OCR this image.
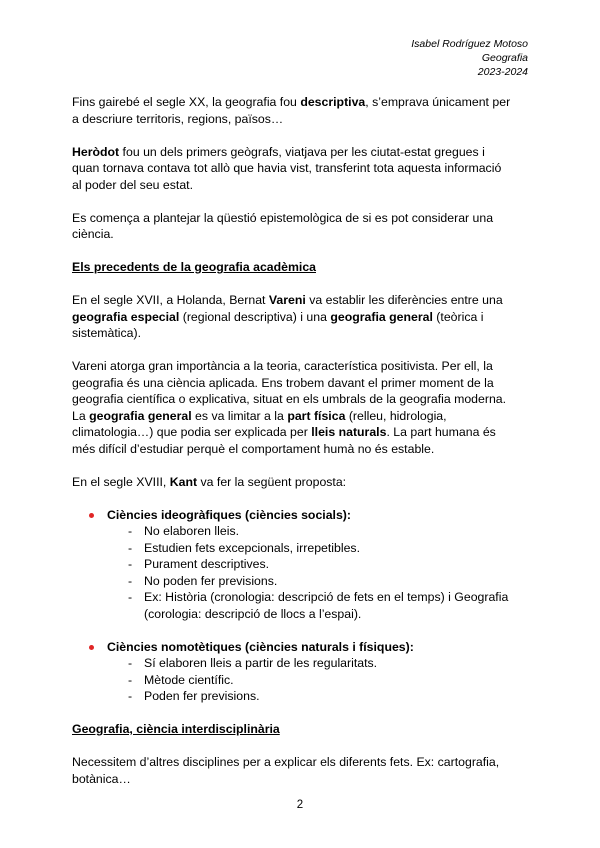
Isabel Rodríguez Motoso
Geografia
2023-2024

Fins gairebé el segle XX, la geografia fou descriptiva, s’emprava únicament per a descriure territoris, regions, països…

Heròdot fou un dels primers geògrafs, viatjava per les ciutat-estat gregues i quan tornava contava tot allò que havia vist, transferint tota aquesta informació al poder del seu estat.

Es comença a plantejar la qüestió epistemològica de si es pot considerar una ciència.

Els precedents de la geografia acadèmica

En el segle XVII, a Holanda, Bernat Vareni va establir les diferències entre una geografia especial (regional descriptiva) i una geografia general (teòrica i sistemàtica).

Vareni atorga gran importància a la teoria, característica positivista. Per ell, la geografia és una ciència aplicada. Ens trobem davant el primer moment de la geografia científica o explicativa, situat en els umbrals de la geografia moderna. La geografia general es va limitar a la part física (relleu, hidrologia, climatologia…) que podia ser explicada per lleis naturals. La part humana és més difícil d’estudiar perquè el comportament humà no és estable.

En el segle XVIII, Kant va fer la següent proposta:

Ciències ideogràfiques (ciències socials):
- No elaboren lleis.
- Estudien fets excepcionals, irrepetibles.
- Purament descriptives.
- No poden fer previsions.
- Ex: Història (cronologia: descripció de fets en el temps) i Geografia (corologia: descripció de llocs a l’espai).
Ciències nomotètiques (ciències naturals i físiques):
- Sí elaboren lleis a partir de les regularitats.
- Mètode científic.
- Poden fer previsions.
Geografia, ciència interdisciplinària

Necessitem d’altres disciplines per a explicar els diferents fets. Ex: cartografia, botànica…

2
